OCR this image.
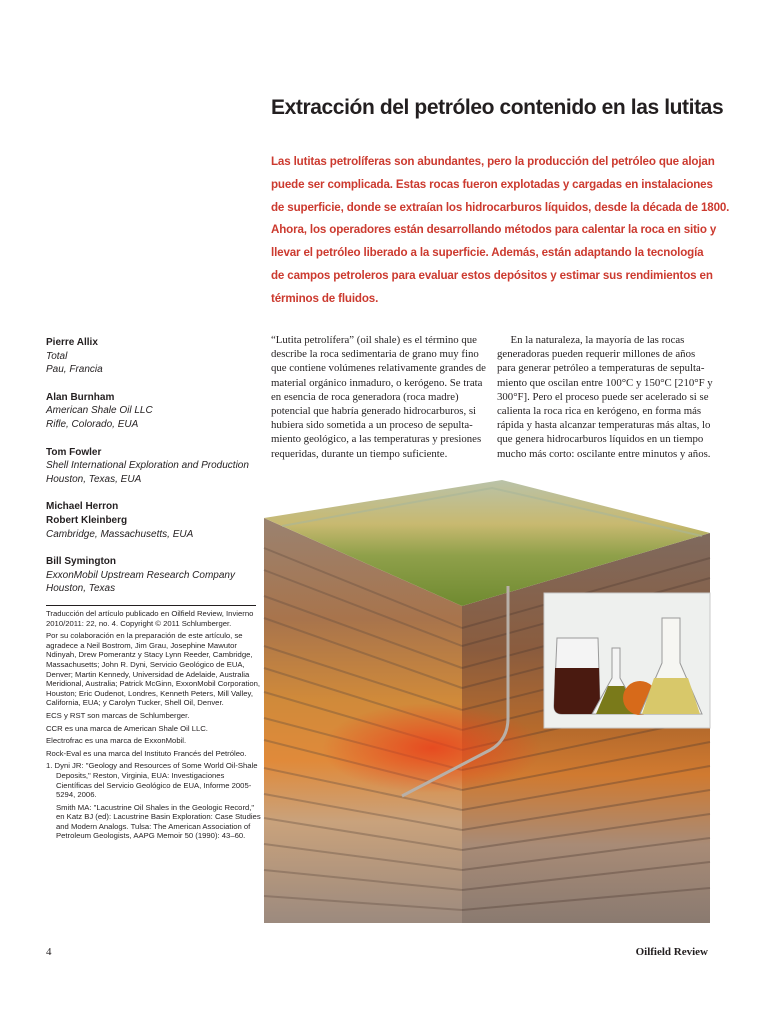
Extracción del petróleo contenido en las lutitas
Las lutitas petrolíferas son abundantes, pero la producción del petróleo que alojan
puede ser complicada. Estas rocas fueron explotadas y cargadas en instalaciones
de superficie, donde se extraían los hidrocarburos líquidos, desde la década de 1800.
Ahora, los operadores están desarrollando métodos para calentar la roca en sitio y
llevar el petróleo liberado a la superficie. Además, están adaptando la tecnología
de campos petroleros para evaluar estos depósitos y estimar sus rendimientos en
términos de fluidos.
Pierre Allix
Total
Pau, Francia
Alan Burnham
American Shale Oil LLC
Rifle, Colorado, EUA
Tom Fowler
Shell International Exploration and Production
Houston, Texas, EUA
Michael Herron
Robert Kleinberg
Cambridge, Massachusetts, EUA
Bill Symington
ExxonMobil Upstream Research Company
Houston, Texas

Traducción del artículo publicado en Oilfield Review, Invierno 2010/2011: 22, no. 4. Copyright © 2011 Schlumberger.

Por su colaboración en la preparación de este artículo, se agradece a Neil Bostrom, Jim Grau, Josephine Mawutor Ndinyah, Drew Pomerantz y Stacy Lynn Reeder, Cambridge, Massachusetts; John R. Dyni, Servicio Geológico de EUA, Denver; Martin Kennedy, Universidad de Adelaide, Australia Meridional, Australia; Patrick McGinn, ExxonMobil Corporation, Houston; Eric Oudenot, Londres, Kenneth Peters, Mill Valley, California, EUA; y Carolyn Tucker, Shell Oil, Denver.

ECS y RST son marcas de Schlumberger.

CCR es una marca de American Shale Oil LLC.

Electrofrac es una marca de ExxonMobil.

Rock-Eval es una marca del Instituto Francés del Petróleo.

1. Dyni JR: "Geology and Resources of Some World Oil-Shale Deposits," Reston, Virginia, EUA: Investigaciones Científicas del Servicio Geológico de EUA, Informe 2005-5294, 2006.

Smith MA: "Lacustrine Oil Shales in the Geologic Record," en Katz BJ (ed): Lacustrine Basin Exploration: Case Studies and Modern Analogs. Tulsa: The American Association of Petroleum Geologists, AAPG Memoir 50 (1990): 43–60.

“Lutita petrolífera” (oil shale) es el término que
describe la roca sedimentaria de grano muy fino
que contiene volúmenes relativamente grandes de
material orgánico inmaduro, o kerógeno. Se trata
en esencia de roca generadora (roca madre)
potencial que habría generado hidrocarburos, si
hubiera sido sometida a un proceso de sepulta-
miento geológico, a las temperaturas y presiones
requeridas, durante un tiempo suficiente.
En la naturaleza, la mayoría de las rocas
generadoras pueden requerir millones de años
para generar petróleo a temperaturas de sepulta-
miento que oscilan entre 100°C y 150°C [210°F y
300°F]. Pero el proceso puede ser acelerado si se
calienta la roca rica en kerógeno, en forma más
rápida y hasta alcanzar temperaturas más altas, lo
que genera hidrocarburos líquidos en un tiempo
mucho más corto: oscilante entre minutos y años.
4	Oilfield Review
